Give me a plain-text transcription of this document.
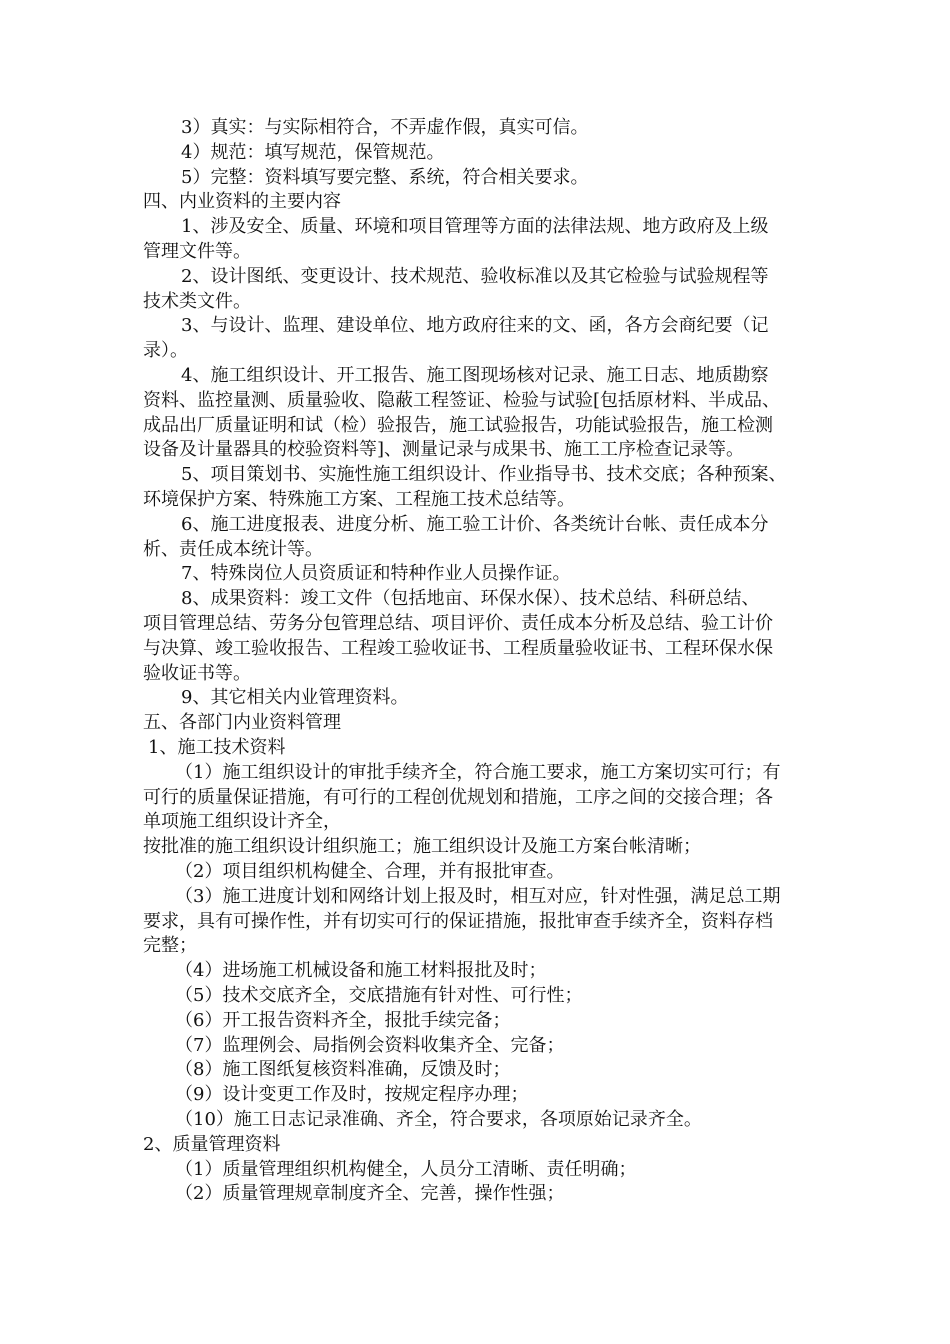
3）真实：与实际相符合，不弄虚作假，真实可信。

4）规范：填写规范，保管规范。

5）完整：资料填写要完整、系统，符合相关要求。

四、内业资料的主要内容

1、涉及安全、质量、环境和项目管理等方面的法律法规、地方政府及上级

管理文件等。

2、设计图纸、变更设计、技术规范、验收标准以及其它检验与试验规程等

技术类文件。

3、与设计、监理、建设单位、地方政府往来的文、函，各方会商纪要（记

录）。

4、施工组织设计、开工报告、施工图现场核对记录、施工日志、地质勘察

资料、监控量测、质量验收、隐蔽工程签证、检验与试验[包括原材料、半成品、

成品出厂质量证明和试（检）验报告，施工试验报告，功能试验报告，施工检测

设备及计量器具的校验资料等]、测量记录与成果书、施工工序检查记录等。

5、项目策划书、实施性施工组织设计、作业指导书、技术交底；各种预案、

环境保护方案、特殊施工方案、工程施工技术总结等。

6、施工进度报表、进度分析、施工验工计价、各类统计台帐、责任成本分

析、责任成本统计等。

7、特殊岗位人员资质证和特种作业人员操作证。

8、成果资料：竣工文件（包括地亩、环保水保）、技术总结、科研总结、

项目管理总结、劳务分包管理总结、项目评价、责任成本分析及总结、验工计价

与决算、竣工验收报告、工程竣工验收证书、工程质量验收证书、工程环保水保

验收证书等。

9、其它相关内业管理资料。

五、各部门内业资料管理

1、施工技术资料

（1）施工组织设计的审批手续齐全，符合施工要求，施工方案切实可行；有

可行的质量保证措施，有可行的工程创优规划和措施，工序之间的交接合理；各

单项施工组织设计齐全，

按批准的施工组织设计组织施工；施工组织设计及施工方案台帐清晰；

（2）项目组织机构健全、合理，并有报批审查。

（3）施工进度计划和网络计划上报及时，相互对应，针对性强，满足总工期

要求，具有可操作性，并有切实可行的保证措施，报批审查手续齐全，资料存档

完整；

（4）进场施工机械设备和施工材料报批及时；

（5）技术交底齐全，交底措施有针对性、可行性；

（6）开工报告资料齐全，报批手续完备；

（7）监理例会、局指例会资料收集齐全、完备；

（8）施工图纸复核资料准确，反馈及时；

（9）设计变更工作及时，按规定程序办理；

（10）施工日志记录准确、齐全，符合要求，各项原始记录齐全。

2、质量管理资料

（1）质量管理组织机构健全，人员分工清晰、责任明确；

（2）质量管理规章制度齐全、完善，操作性强；
